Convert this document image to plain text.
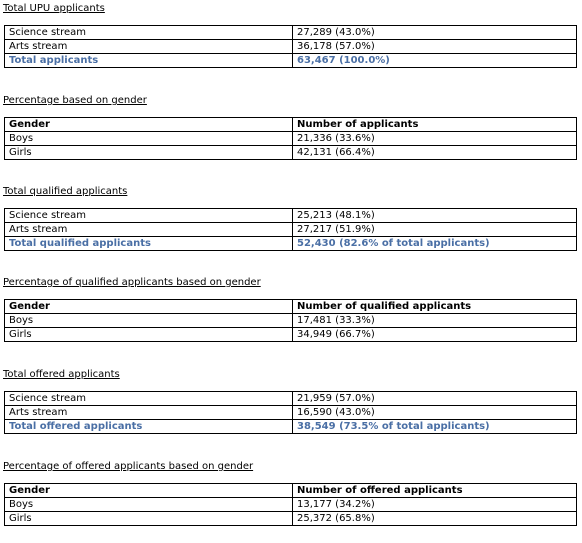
Total UPU applicants

Science stream	27,289 (43.0%)
Arts stream	36,178 (57.0%)
Total applicants	63,467 (100.0%)

Percentage based on gender

Gender	Number of applicants
Boys	21,336 (33.6%)
Girls	42,131 (66.4%)

Total qualified applicants

Science stream	25,213 (48.1%)
Arts stream	27,217 (51.9%)
Total qualified applicants	52,430 (82.6% of total applicants)

Percentage of qualified applicants based on gender

Gender	Number of qualified applicants
Boys	17,481 (33.3%)
Girls	34,949 (66.7%)

Total offered applicants

Science stream	21,959 (57.0%)
Arts stream	16,590 (43.0%)
Total offered applicants	38,549 (73.5% of total applicants)

Percentage of offered applicants based on gender

Gender	Number of offered applicants
Boys	13,177 (34.2%)
Girls	25,372 (65.8%)
